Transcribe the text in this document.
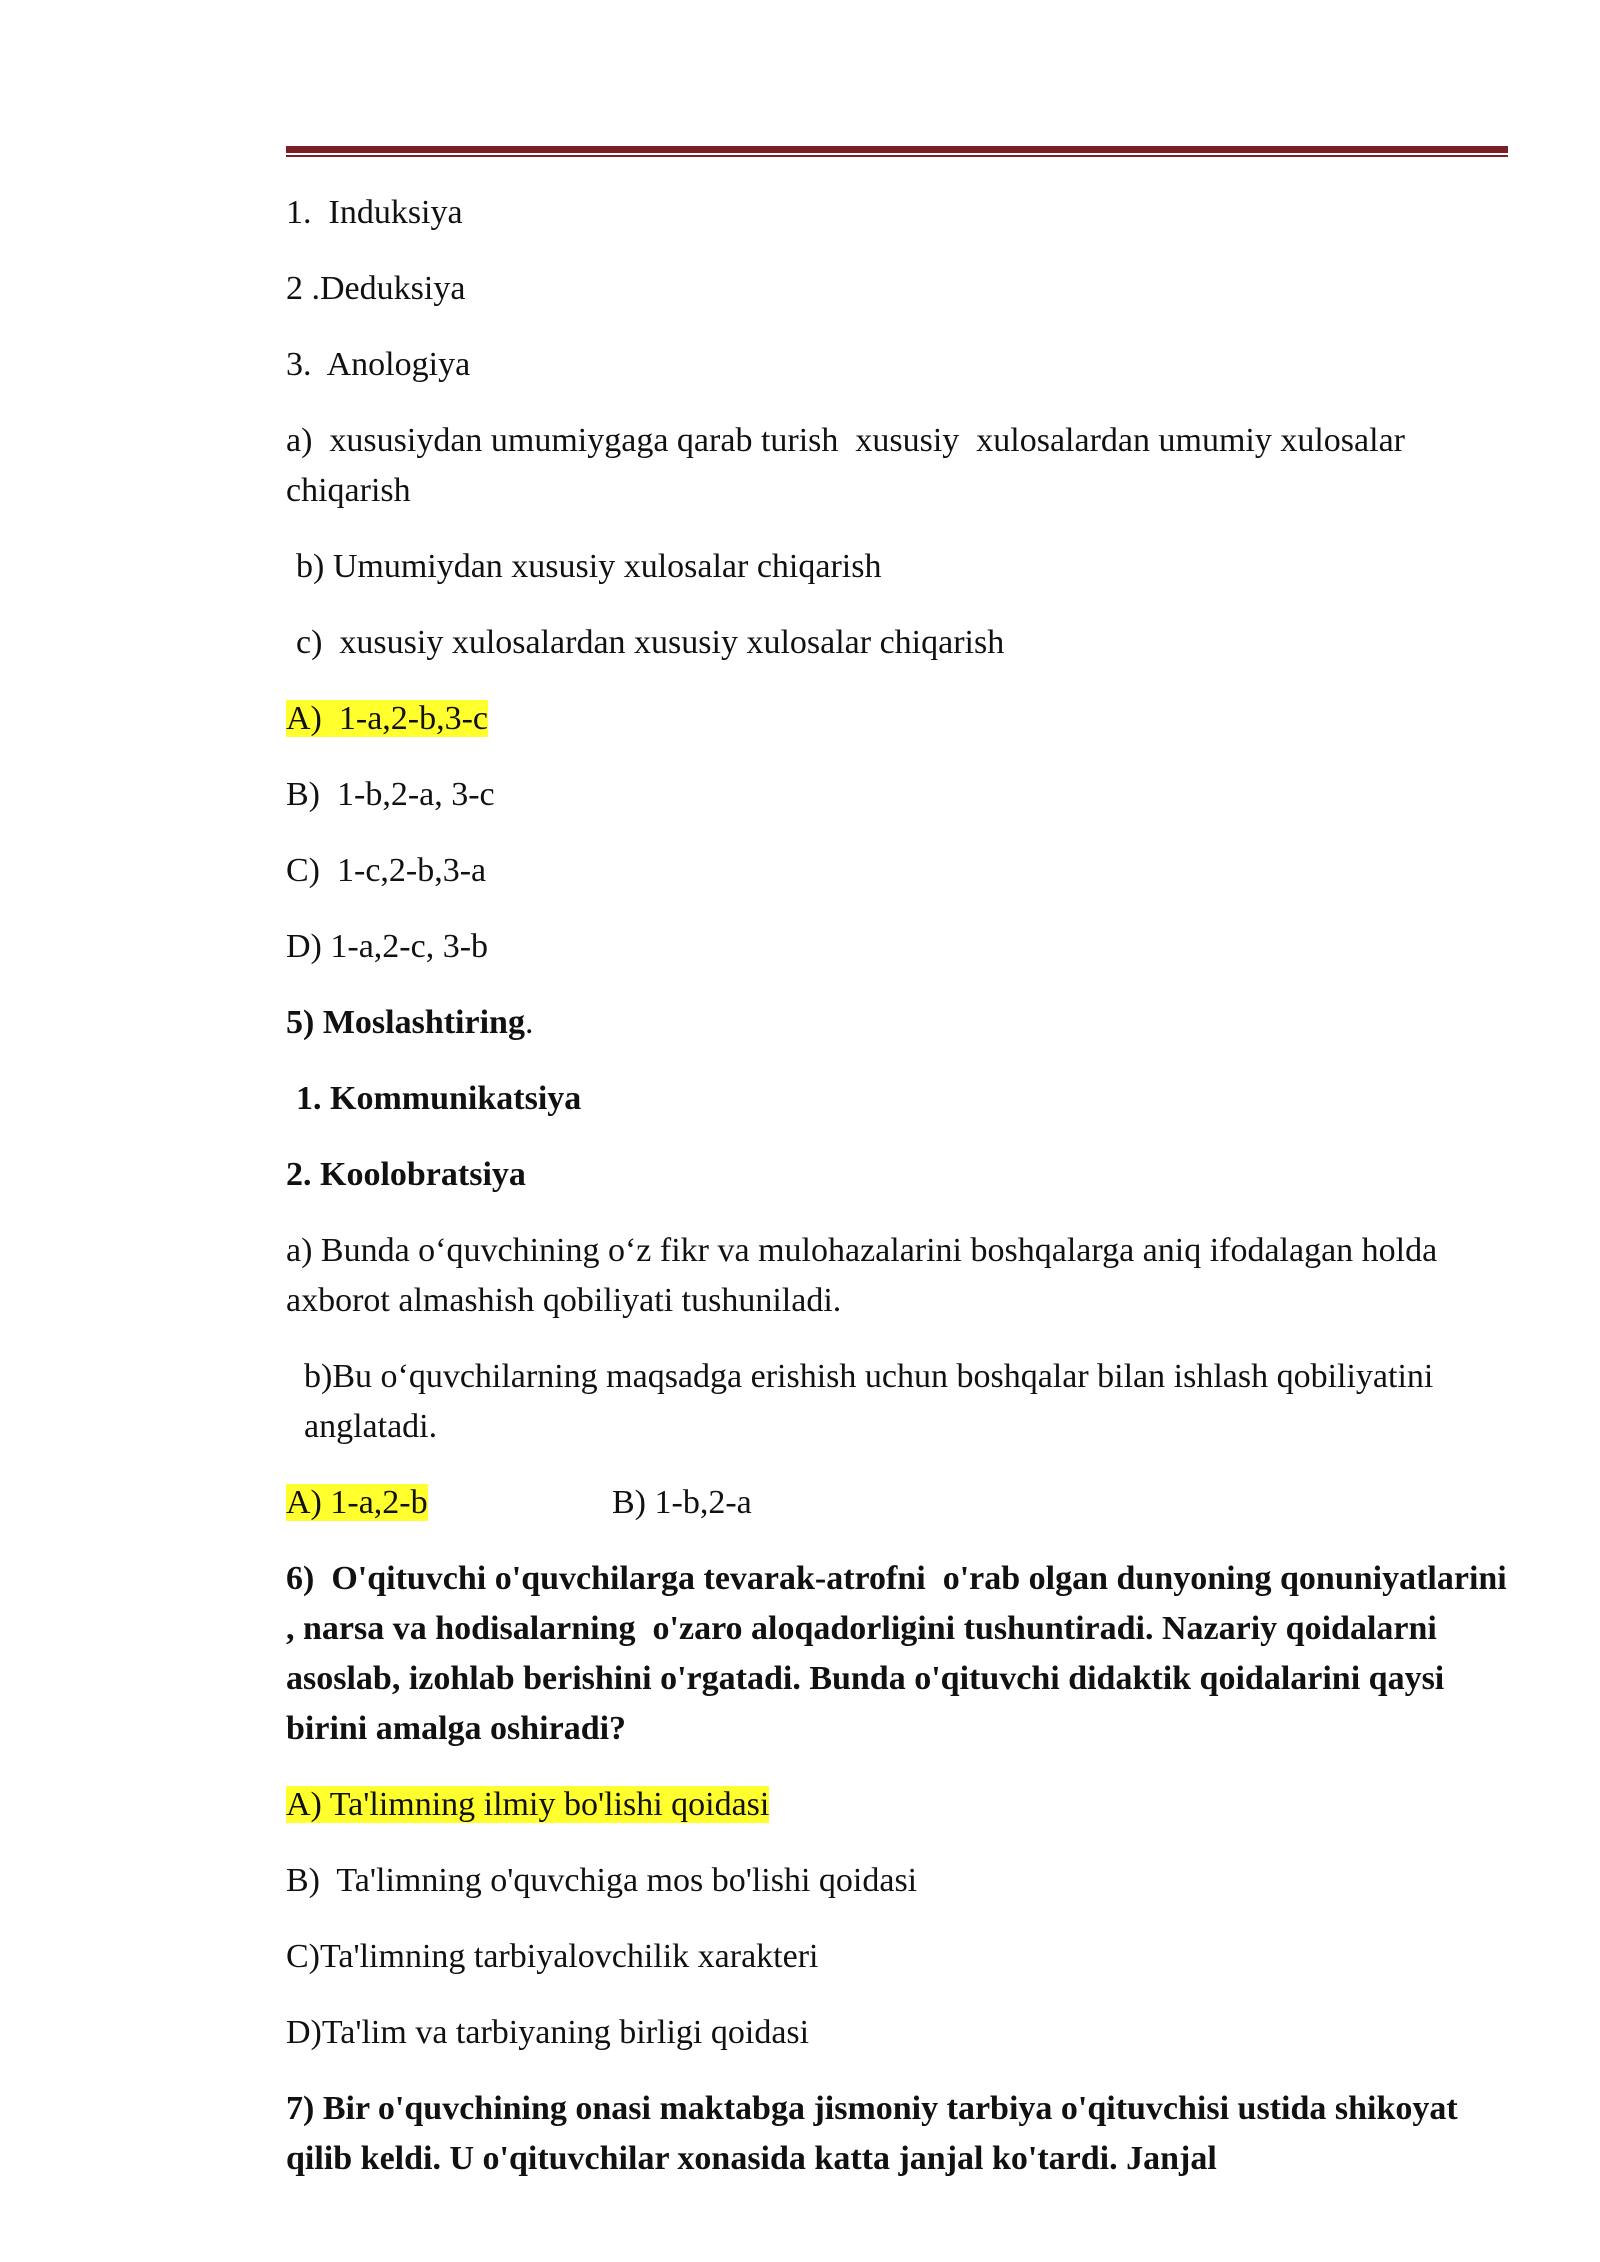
1.  Induksiya

2 .Deduksiya

3.  Anologiya

a)  xususiydan umumiygaga qarab turish  xususiy  xulosalardan umumiy xulosalar chiqarish

b) Umumiydan xususiy xulosalar chiqarish

c)  xususiy xulosalardan xususiy xulosalar chiqarish

A)  1-a,2-b,3-c

B)  1-b,2-a, 3-c

C)  1-c,2-b,3-a

D) 1-a,2-c, 3-b

5) Moslashtiring.

1. Kommunikatsiya

2. Koolobratsiya

a) Bunda o‘quvchining o‘z fikr va mulohazalarini boshqalarga aniq ifodalagan holda axborot almashish qobiliyati tushuniladi.

b)Bu o‘quvchilarning maqsadga erishish uchun boshqalar bilan ishlash qobiliyatini anglatadi.

A) 1-a,2-b	B) 1-b,2-a

6)  O'qituvchi o'quvchilarga tevarak-atrofni  o'rab olgan dunyoning qonuniyatlarini , narsa va hodisalarning  o'zaro aloqadorligini tushuntiradi. Nazariy qoidalarni asoslab, izohlab berishini o'rgatadi. Bunda o'qituvchi didaktik qoidalarini qaysi birini amalga oshiradi?

A) Ta'limning ilmiy bo'lishi qoidasi

B)  Ta'limning o'quvchiga mos bo'lishi qoidasi

C)Ta'limning tarbiyalovchilik xarakteri

D)Ta'lim va tarbiyaning birligi qoidasi

7) Bir o'quvchining onasi maktabga jismoniy tarbiya o'qituvchisi ustida shikoyat qilib keldi. U o'qituvchilar xonasida katta janjal ko'tardi. Janjal
